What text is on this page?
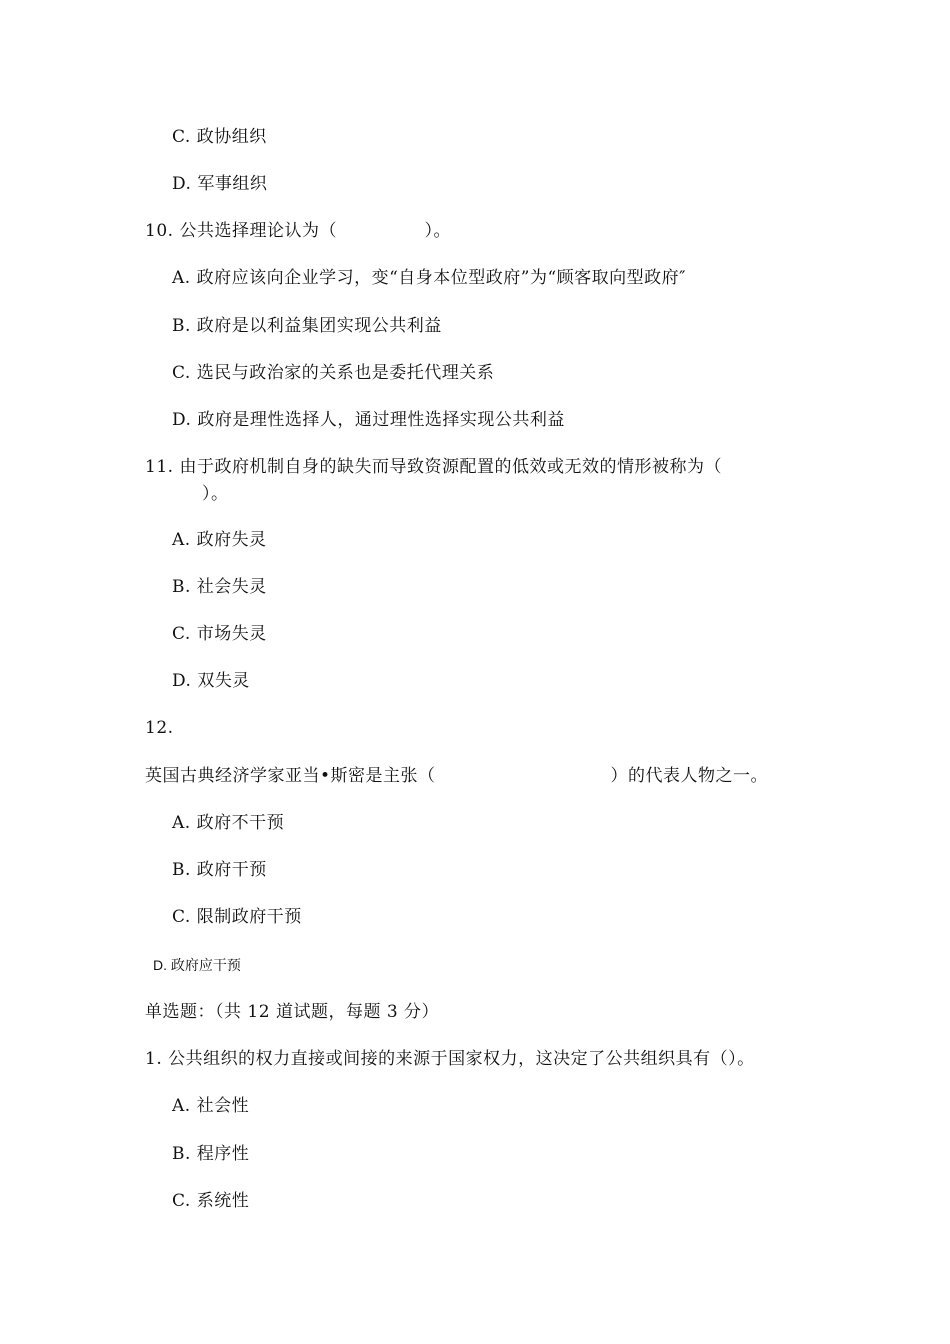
C. 政协组织
D. 军事组织
10. 公共选择理论认为（　　　　　）。
A. 政府应该向企业学习，变“自身本位型政府”为“顾客取向型政府″
B. 政府是以利益集团实现公共利益
C. 选民与政治家的关系也是委托代理关系
D. 政府是理性选择人，通过理性选择实现公共利益
11. 由于政府机制自身的缺失而导致资源配置的低效或无效的情形被称为（
）。
A. 政府失灵
B. 社会失灵
C. 市场失灵
D. 双失灵
12.
英国古典经济学家亚当•斯密是主张（　　　　　　　　　　）的代表人物之一。
A. 政府不干预
B. 政府干预
C. 限制政府干预
D. 政府应干预
单选题：（共 12 道试题，每题 3 分）
1. 公共组织的权力直接或间接的来源于国家权力，这决定了公共组织具有（）。
A. 社会性
B. 程序性
C. 系统性
